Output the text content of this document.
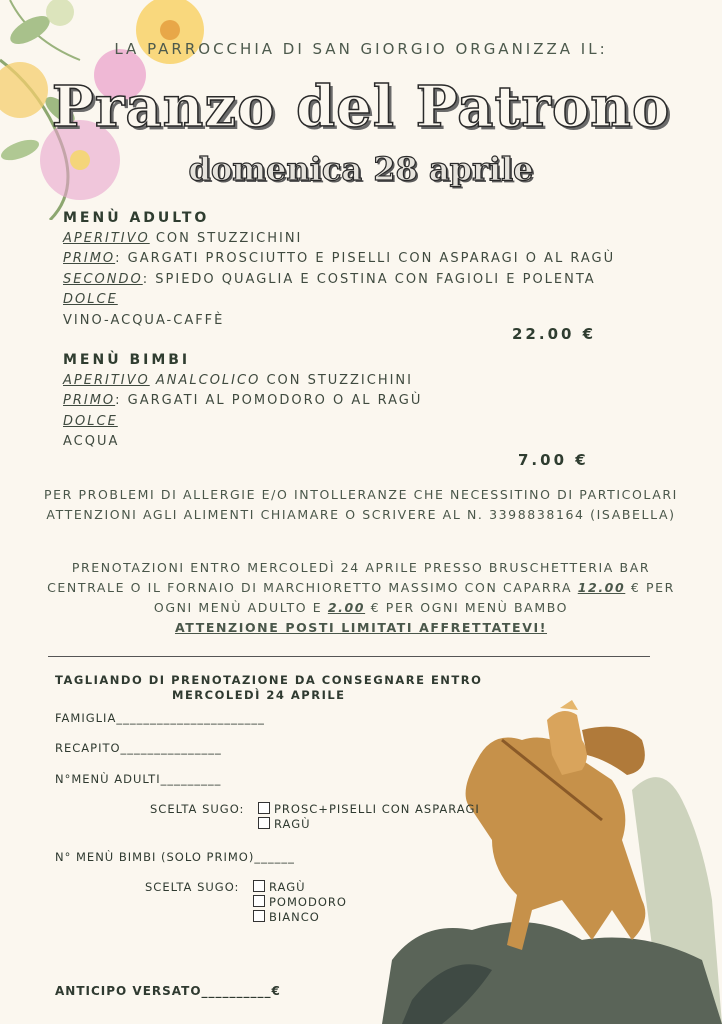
LA PARROCCHIA DI SAN GIORGIO ORGANIZZA IL:
Pranzo del Patrono
domenica 28 aprile
MENÙ ADULTO
APERITIVO CON STUZZICHINI
PRIMO: GARGATI PROSCIUTTO E PISELLI CON ASPARAGI O AL RAGÙ
SECONDO: SPIEDO QUAGLIA E COSTINA CON FAGIOLI E POLENTA
DOLCE
VINO-ACQUA-CAFFÈ
22.00 €
MENÙ BIMBI
APERITIVO ANALCOLICO CON STUZZICHINI
PRIMO: GARGATI AL POMODORO O AL RAGÙ
DOLCE
ACQUA
7.00 €
PER PROBLEMI DI ALLERGIE E/O INTOLLERANZE CHE NECESSITINO DI PARTICOLARI
ATTENZIONI AGLI ALIMENTI CHIAMARE O SCRIVERE AL N. 3398838164 (ISABELLA)
PRENOTAZIONI ENTRO MERCOLEDÌ 24 APRILE PRESSO BRUSCHETTERIA BAR
CENTRALE O IL FORNAIO DI MARCHIORETTO MASSIMO CON CAPARRA 12.00 € PER
OGNI MENÙ ADULTO E 2.00 € PER OGNI MENÙ BAMBO
ATTENZIONE POSTI LIMITATI AFFRETTATEVI!
TAGLIANDO DI PRENOTAZIONE DA CONSEGNARE ENTRO
MERCOLEDÌ 24 APRILE
FAMIGLIA______________________
RECAPITO_______________
N°MENÙ ADULTI_________
SCELTA SUGO:	PROSC+PISELLI CON ASPARAGI
RAGÙ
N° MENÙ BIMBI (SOLO PRIMO)______
SCELTA SUGO:	RAGÙ
POMODORO
BIANCO
ANTICIPO VERSATO__________€
